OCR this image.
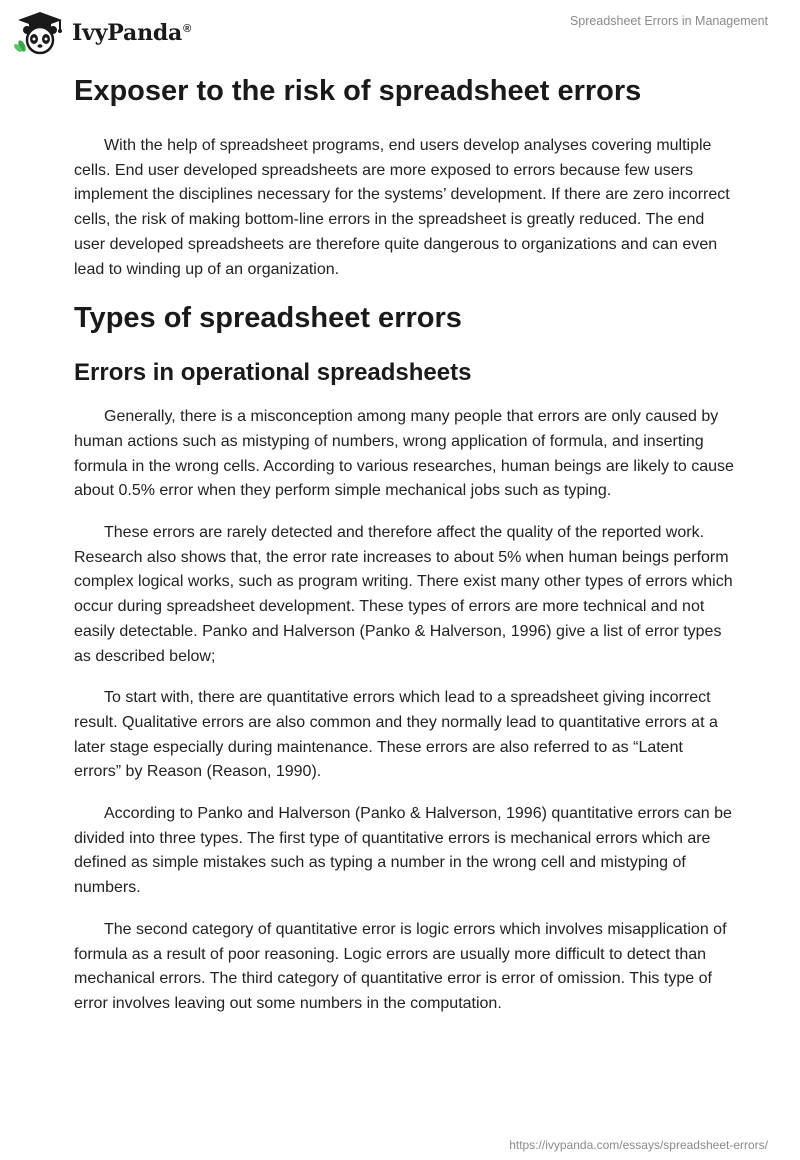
IvyPanda®
Spreadsheet Errors in Management
Exposer to the risk of spreadsheet errors

With the help of spreadsheet programs, end users develop analyses covering multiple cells. End user developed spreadsheets are more exposed to errors because few users implement the disciplines necessary for the systems’ development. If there are zero incorrect cells, the risk of making bottom-line errors in the spreadsheet is greatly reduced. The end user developed spreadsheets are therefore quite dangerous to organizations and can even lead to winding up of an organization.

Types of spreadsheet errors
Errors in operational spreadsheets

Generally, there is a misconception among many people that errors are only caused by human actions such as mistyping of numbers, wrong application of formula, and inserting formula in the wrong cells. According to various researches, human beings are likely to cause about 0.5% error when they perform simple mechanical jobs such as typing.

These errors are rarely detected and therefore affect the quality of the reported work. Research also shows that, the error rate increases to about 5% when human beings perform complex logical works, such as program writing. There exist many other types of errors which occur during spreadsheet development. These types of errors are more technical and not easily detectable. Panko and Halverson (Panko & Halverson, 1996) give a list of error types as described below;

To start with, there are quantitative errors which lead to a spreadsheet giving incorrect result. Qualitative errors are also common and they normally lead to quantitative errors at a later stage especially during maintenance. These errors are also referred to as “Latent errors” by Reason (Reason, 1990).

According to Panko and Halverson (Panko & Halverson, 1996) quantitative errors can be divided into three types. The first type of quantitative errors is mechanical errors which are defined as simple mistakes such as typing a number in the wrong cell and mistyping of numbers.

The second category of quantitative error is logic errors which involves misapplication of formula as a result of poor reasoning. Logic errors are usually more difficult to detect than mechanical errors. The third category of quantitative error is error of omission. This type of error involves leaving out some numbers in the computation.

https://ivypanda.com/essays/spreadsheet-errors/
